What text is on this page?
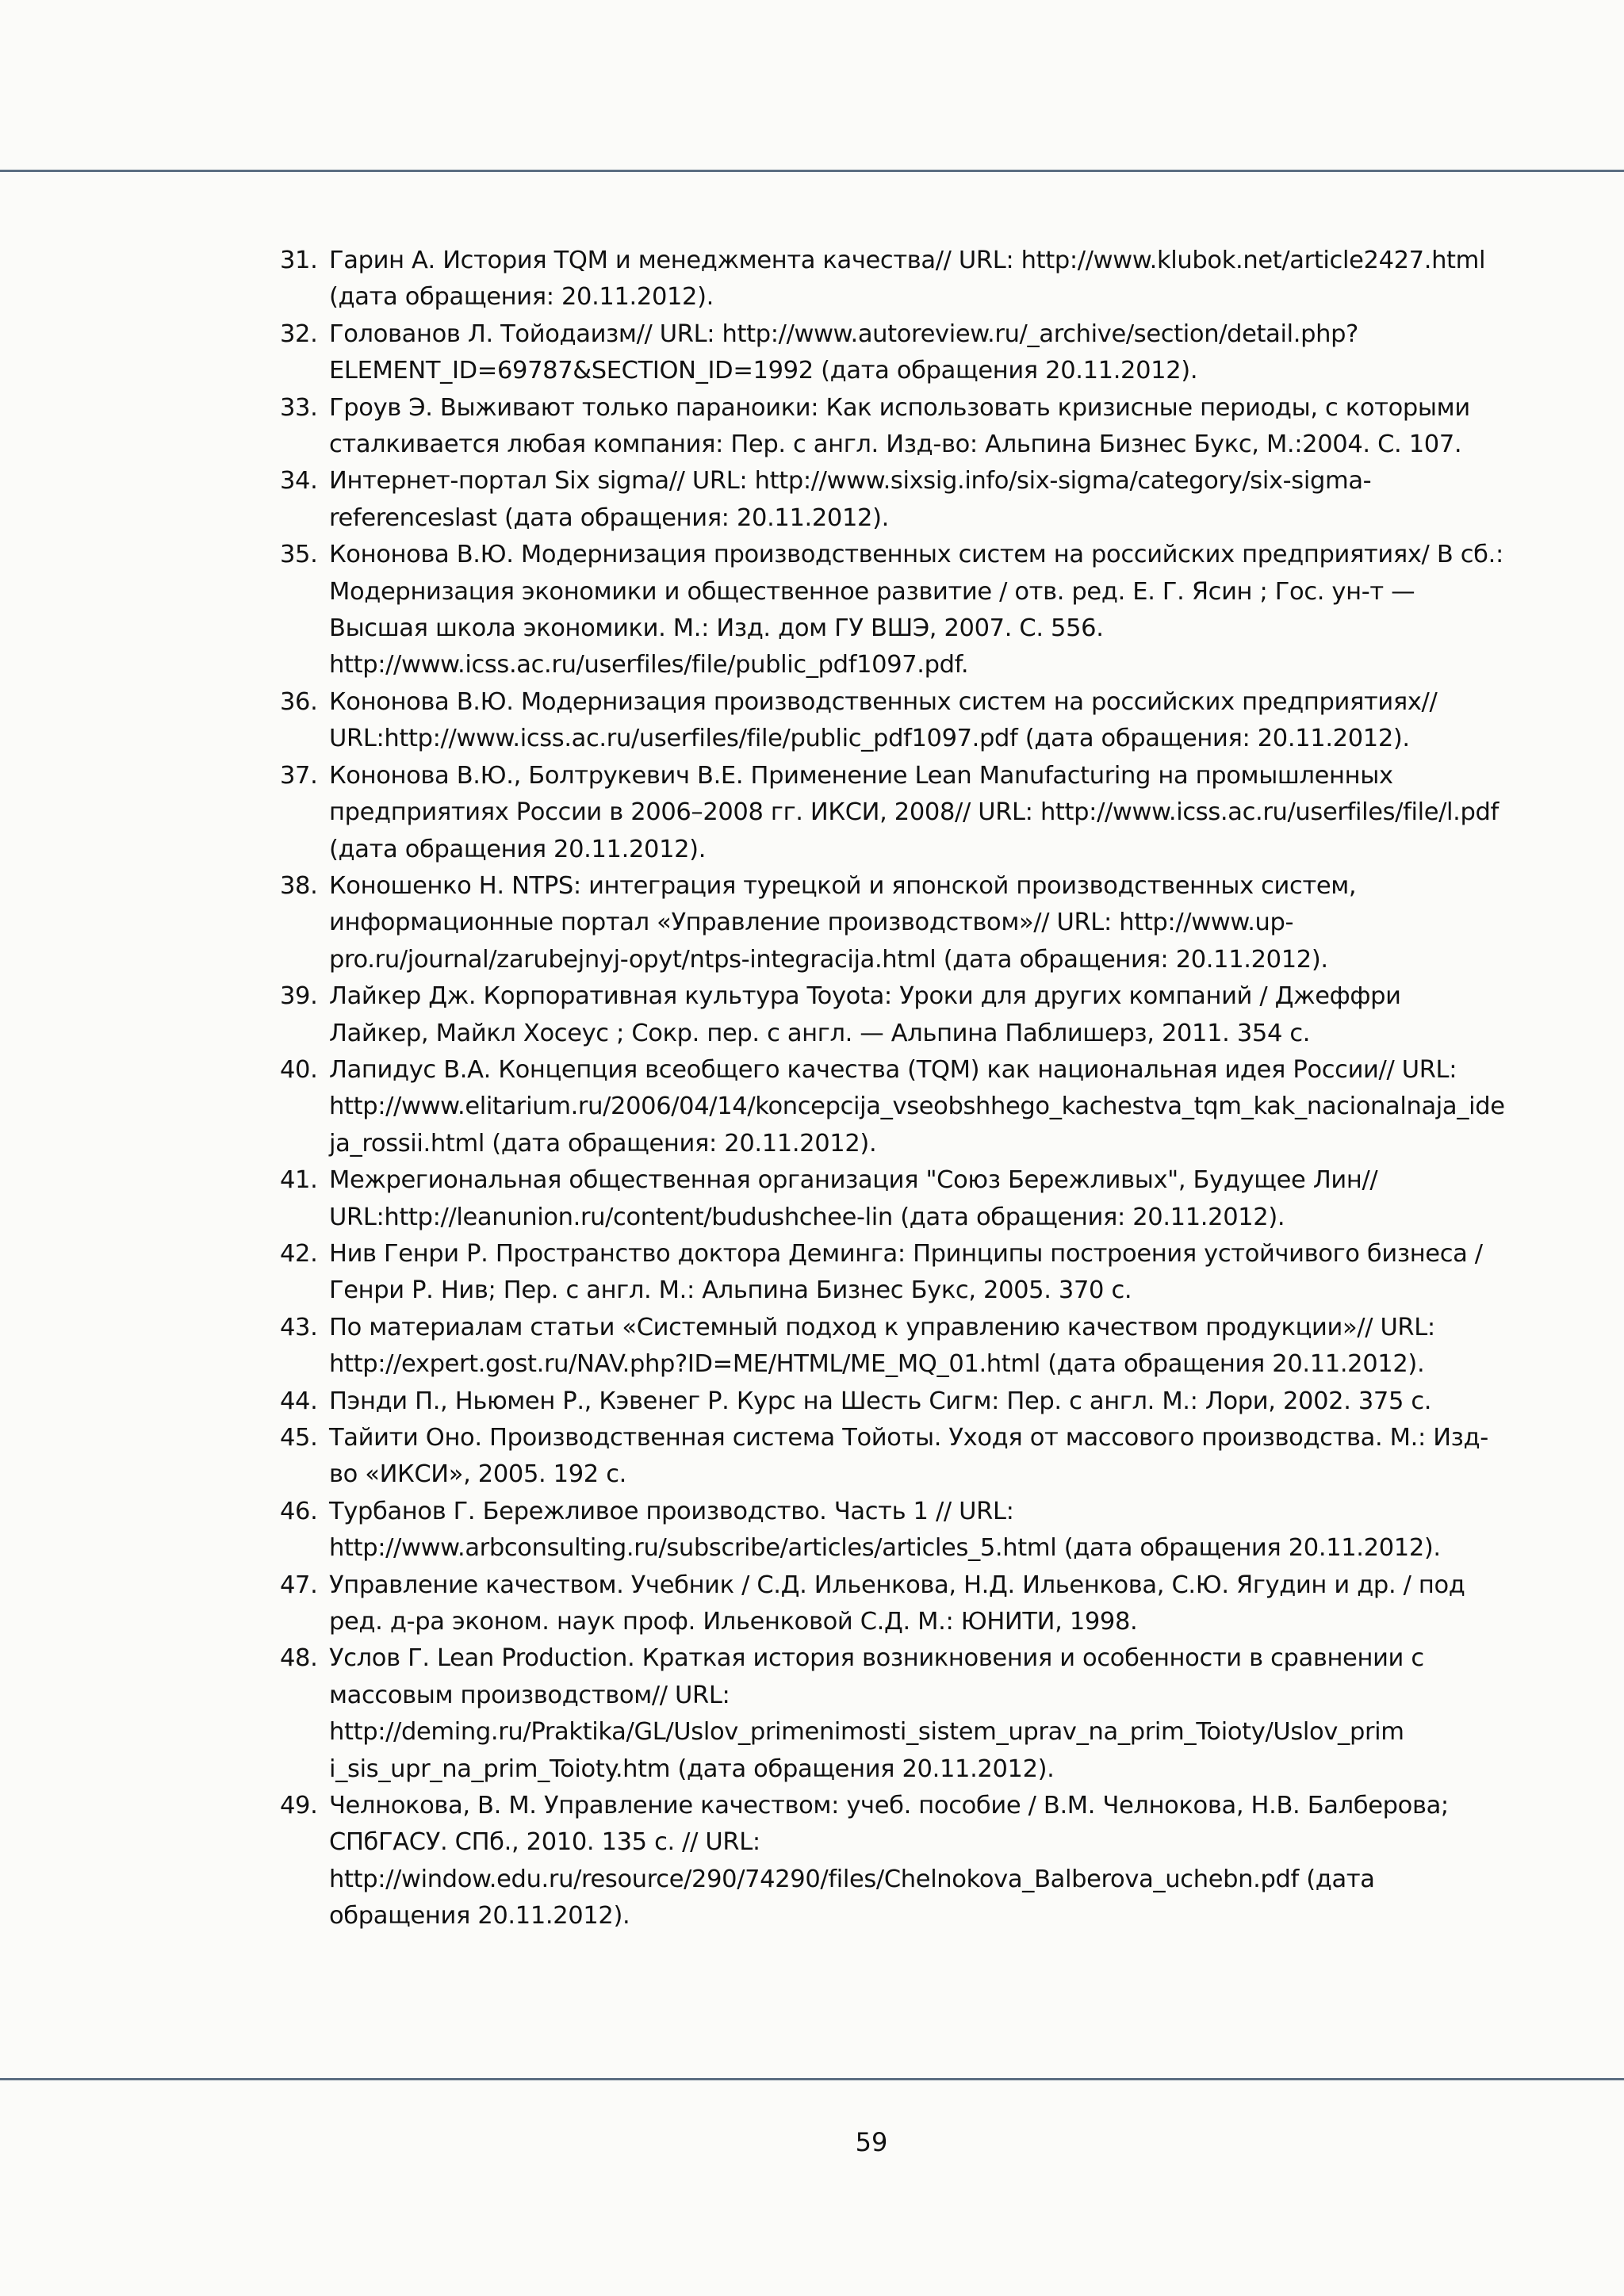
31. Гарин А. История TQM и менеджмента качества// URL: http://www.klubok.net/article2427.html (дата обращения: 20.11.2012).
32. Голованов Л. Тойодаизм// URL: http://www.autoreview.ru/_archive/section/detail.php?ELEMENT_ID=69787&SECTION_ID=1992 (дата обращения 20.11.2012).
33. Гроув Э. Выживают только параноики: Как использовать кризисные периоды, с которыми сталкивается любая компания: Пер. с англ. Изд-во: Альпина Бизнес Букс, М.:2004. С. 107.
34. Интернет-портал Six sigma// URL: http://www.sixsig.info/six-sigma/category/six-sigma-referenceslast (дата обращения: 20.11.2012).
35. Кононова В.Ю. Модернизация производственных систем на российских предприятиях/ В сб.: Модернизация экономики и общественное развитие / отв. ред. Е. Г. Ясин ; Гос. ун-т — Высшая школа экономики. М.: Изд. дом ГУ ВШЭ, 2007. С. 556. http://www.icss.ac.ru/userfiles/file/public_pdf1097.pdf.
36. Кононова В.Ю. Модернизация производственных систем на российских предприятиях// URL:http://www.icss.ac.ru/userfiles/file/public_pdf1097.pdf (дата обращения: 20.11.2012).
37. Кононова В.Ю., Болтрукевич В.Е. Применение Lean Manufacturing на промышленных предприятиях России в 2006–2008 гг. ИКСИ, 2008// URL: http://www.icss.ac.ru/userfiles/file/l.pdf (дата обращения 20.11.2012).
38. Коношенко Н. NTPS: интеграция турецкой и японской производственных систем, информационные портал «Управление производством»// URL: http://www.up-pro.ru/journal/zarubejnyj-opyt/ntps-integracija.html (дата обращения: 20.11.2012).
39. Лайкер Дж. Корпоративная культура Toyota: Уроки для других компаний / Джеффри Лайкер, Майкл Хосеус ; Сокр. пер. с англ. — Альпина Паблишерз, 2011. 354 с.
40. Лапидус В.А. Концепция всеобщего качества (TQM) как национальная идея России// URL: http://www.elitarium.ru/2006/04/14/koncepcija_vseobshhego_kachestva_tqm_kak_nacionalnaja_ideja_rossii.html (дата обращения: 20.11.2012).
41. Межрегиональная общественная организация "Союз Бережливых", Будущее Лин// URL:http://leanunion.ru/content/budushchee-lin (дата обращения: 20.11.2012).
42. Нив Генри Р. Пространство доктора Деминга: Принципы построения устойчивого бизнеса / Генри Р. Нив; Пер. с англ. М.: Альпина Бизнес Букс, 2005. 370 с.
43. По материалам статьи «Системный подход к управлению качеством продукции»// URL: http://expert.gost.ru/NAV.php?ID=ME/HTML/ME_MQ_01.html (дата обращения 20.11.2012).
44. Пэнди П., Ньюмен Р., Кэвенег Р. Курс на Шесть Сигм: Пер. с англ. М.: Лори, 2002. 375 с.
45. Тайити Оно. Производственная система Тойоты. Уходя от массового производства. М.: Изд-во «ИКСИ», 2005. 192 с.
46. Турбанов Г. Бережливое производство. Часть 1 // URL: http://www.arbconsulting.ru/subscribe/articles/articles_5.html (дата обращения 20.11.2012).
47. Управление качеством. Учебник / С.Д. Ильенкова, Н.Д. Ильенкова, С.Ю. Ягудин и др. / под ред. д-ра эконом. наук проф. Ильенковой С.Д. М.: ЮНИТИ, 1998.
48. Услов Г. Lean Production. Краткая история возникновения и особенности в сравнении с массовым производством// URL: http://deming.ru/Praktika/GL/Uslov_primenimosti_sistem_uprav_na_prim_Toioty/Uslov_prim i_sis_upr_na_prim_Toioty.htm (дата обращения 20.11.2012).
49. Челнокова, В. М. Управление качеством: учеб. пособие / В.М. Челнокова, Н.В. Балберова; СПбГАСУ. СПб., 2010. 135 с. // URL: http://window.edu.ru/resource/290/74290/files/Chelnokova_Balberova_uchebn.pdf (дата обращения 20.11.2012).
59
